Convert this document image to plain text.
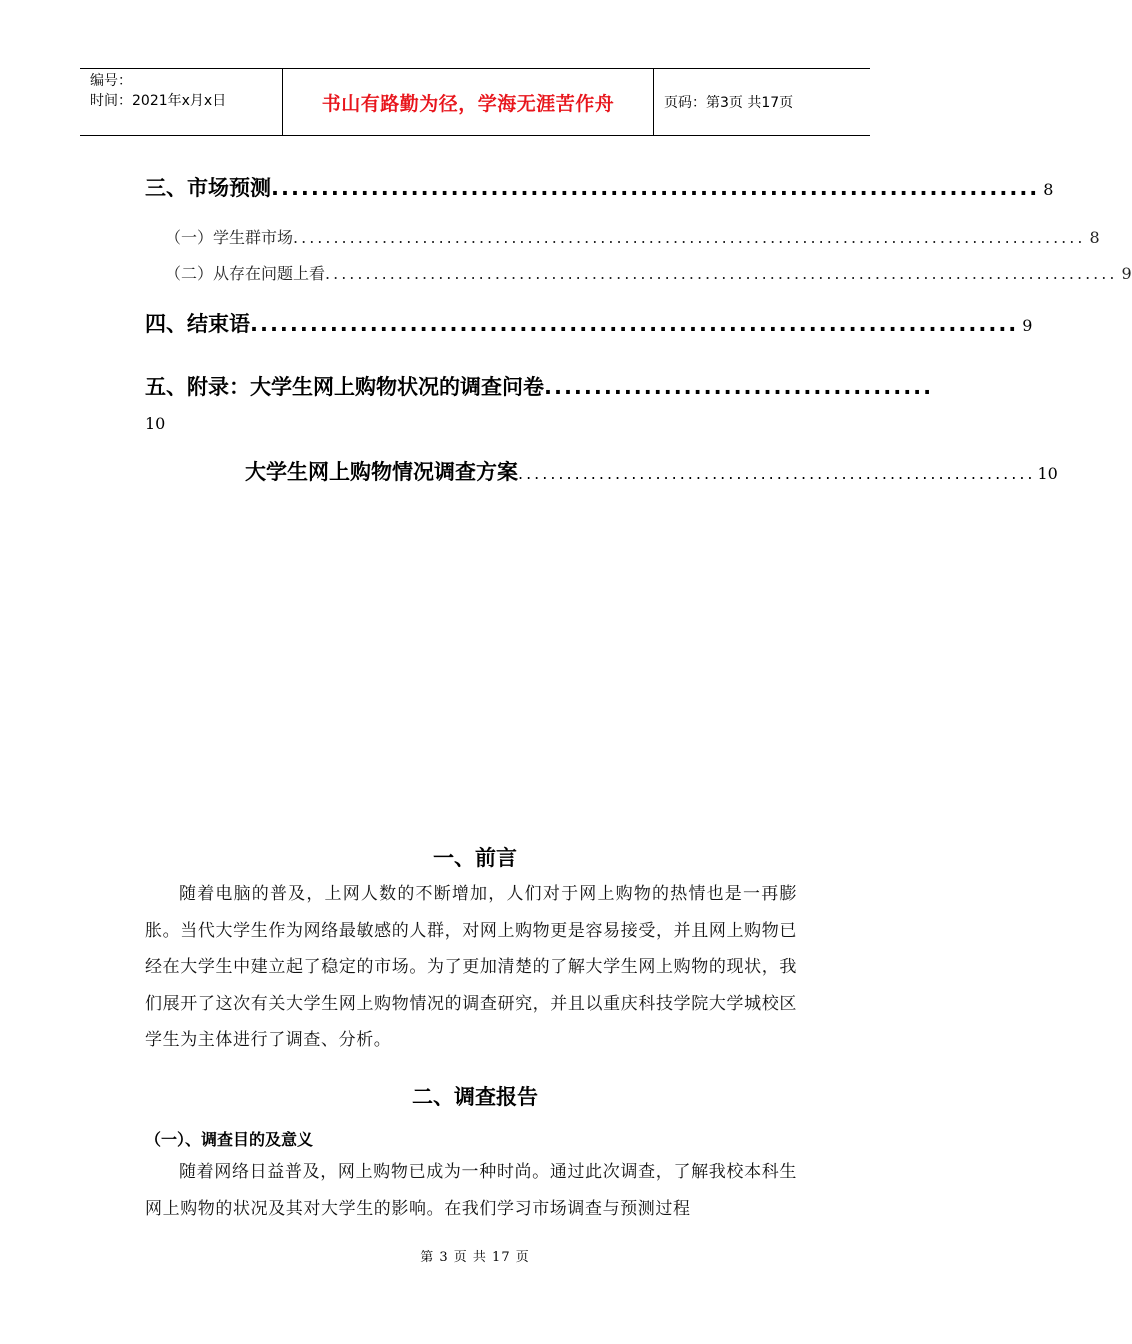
编号：
时间：2021年x月x日	书山有路勤为径，学海无涯苦作舟	页码：第3页 共17页
三、市场预测 ............................................................................. 8
（一）学生群市场 .................................................................................................. 8
（二）从存在问题上看 .................................................................................................. 9
四、结束语 ............................................................................. 9
五、附录：大学生网上购物状况的调查问卷 .......................................
10
大学生网上购物情况调查方案 ................................................................ 10
一、前言
随着电脑的普及，上网人数的不断增加，人们对于网上购物的热情也是一再膨胀。当代大学生作为网络最敏感的人群，对网上购物更是容易接受，并且网上购物已经在大学生中建立起了稳定的市场。为了更加清楚的了解大学生网上购物的现状，我们展开了这次有关大学生网上购物情况的调查研究，并且以重庆科技学院大学城校区学生为主体进行了调查、分析。
二、调查报告
（一）、调查目的及意义
随着网络日益普及，网上购物已成为一种时尚。通过此次调查，了解我校本科生网上购物的状况及其对大学生的影响。在我们学习市场调查与预测过程
第 3 页 共 17 页
